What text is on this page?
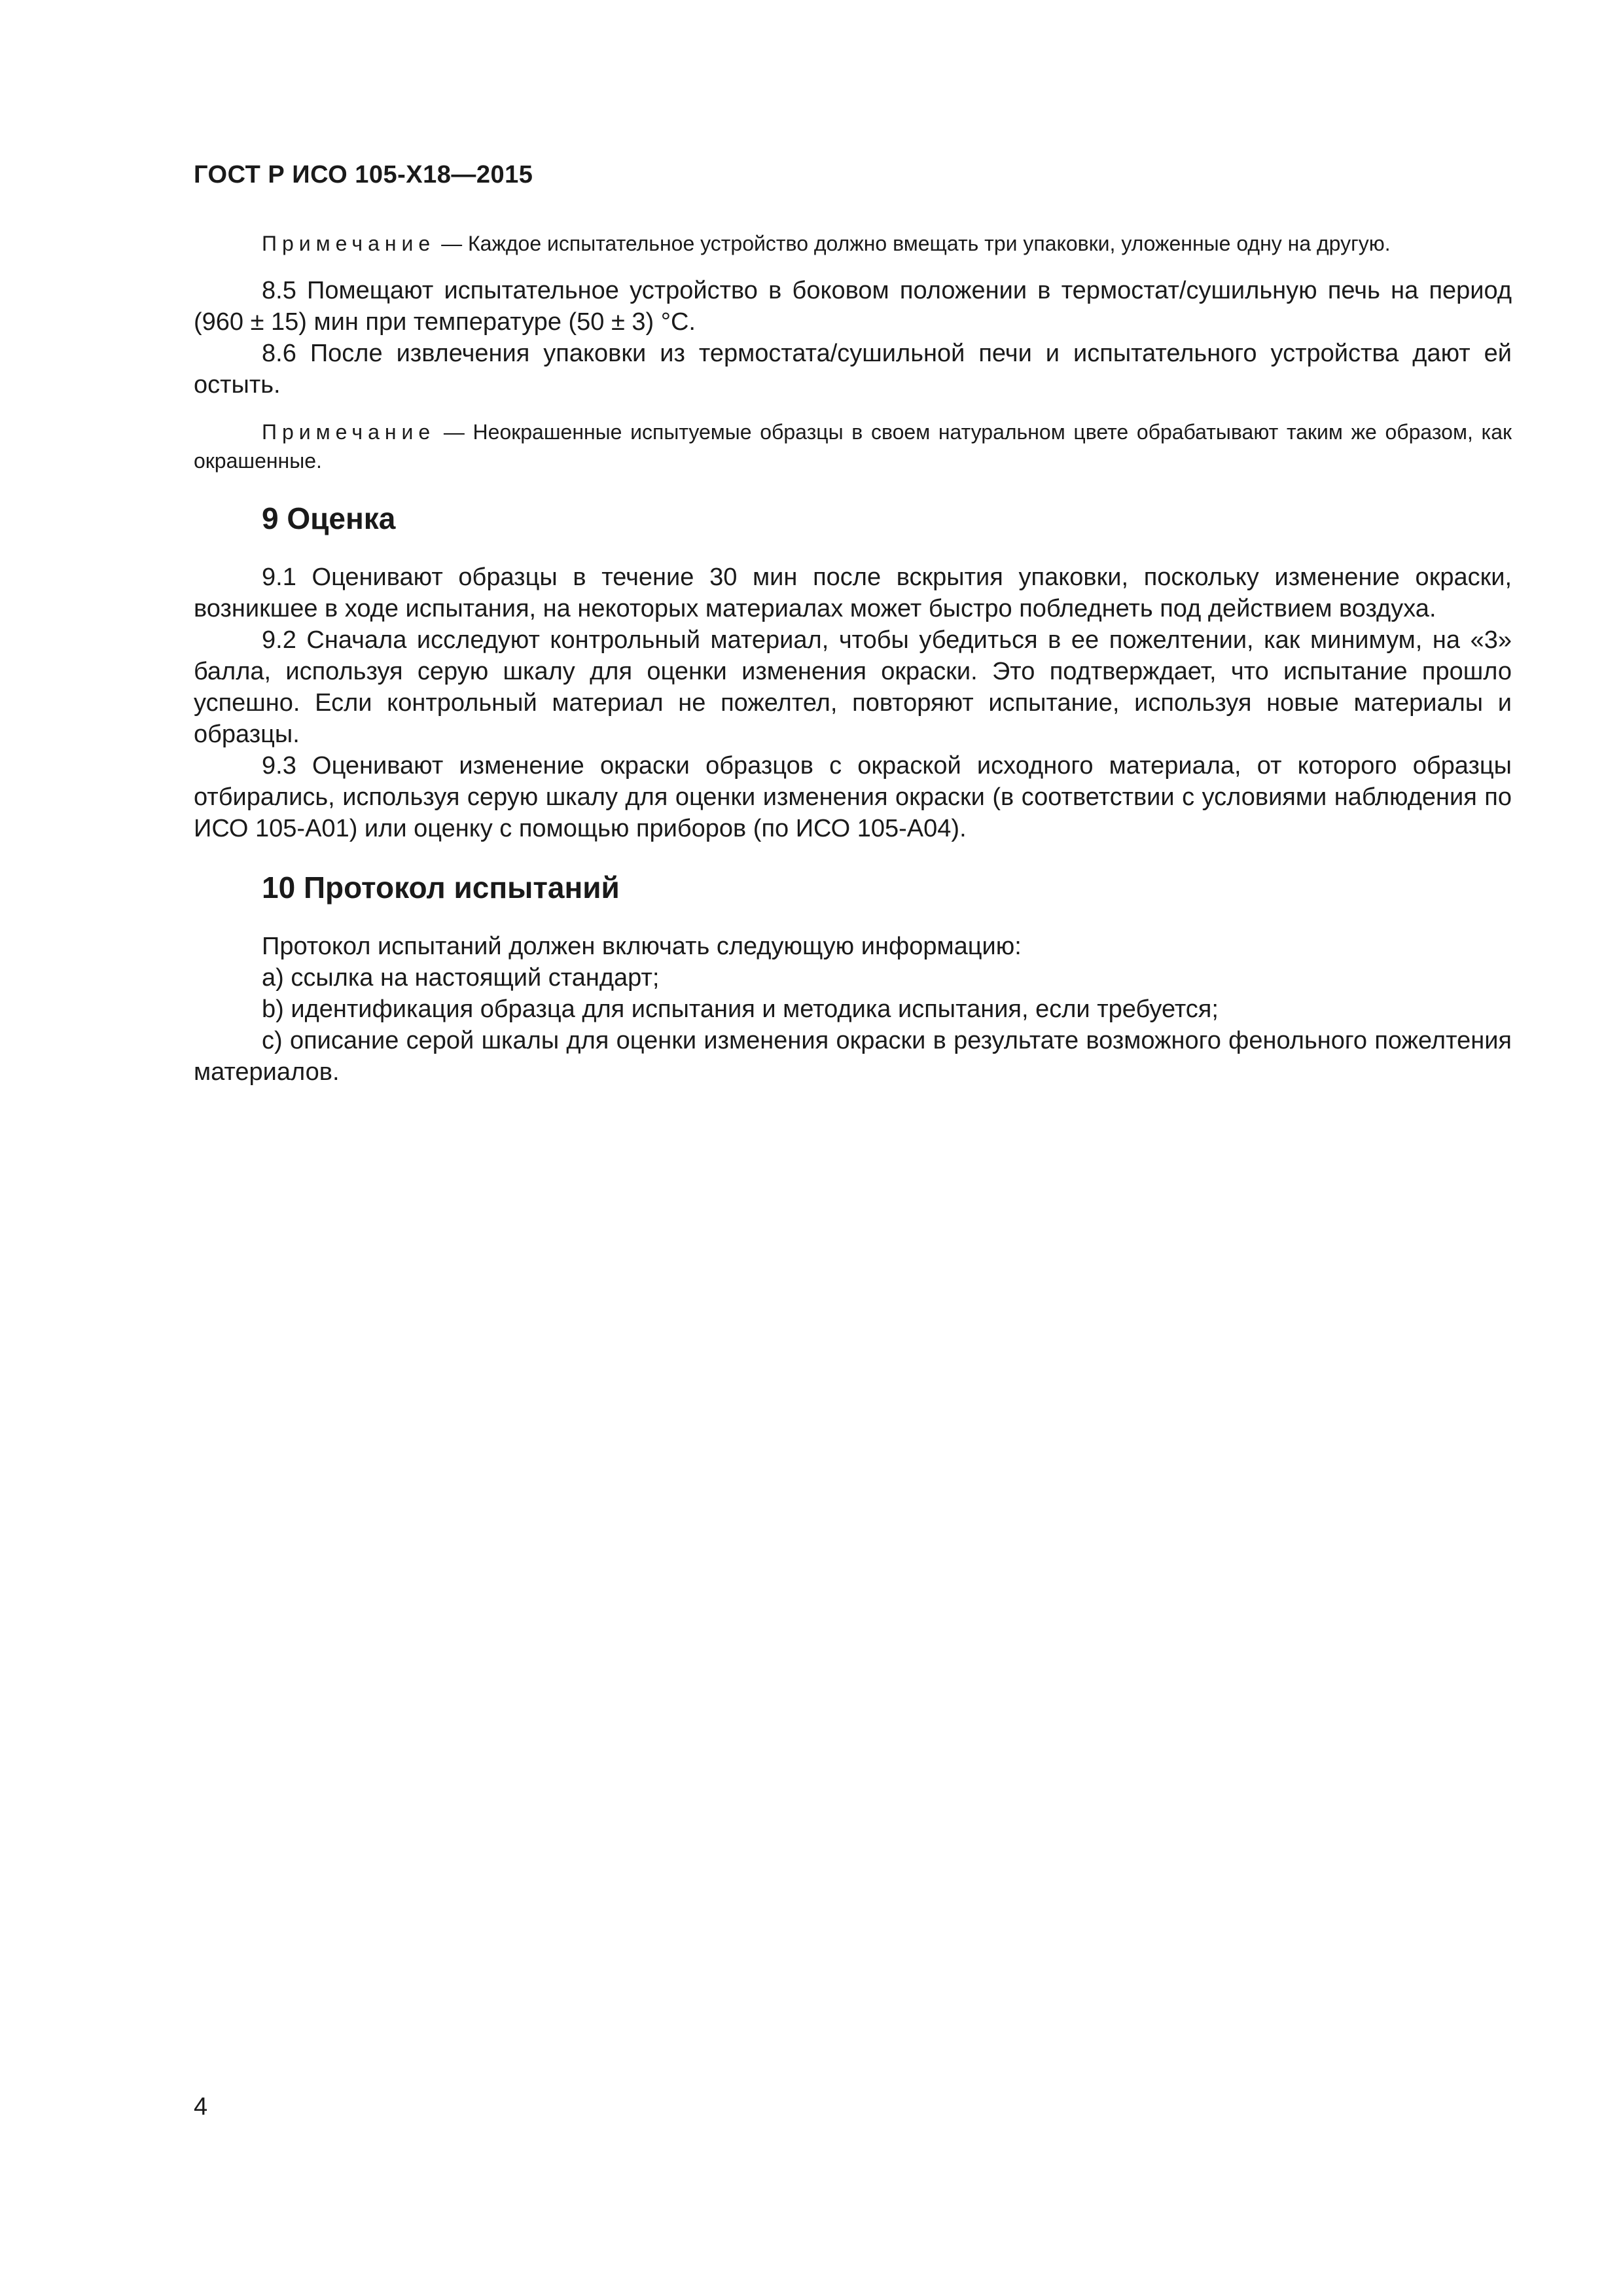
ГОСТ Р ИСО 105-Х18—2015

Примечание — Каждое испытательное устройство должно вмещать три упаковки, уложенные одну на другую.

8.5 Помещают испытательное устройство в боковом положении в термостат/сушильную печь на период (960 ± 15) мин при температуре (50 ± 3) °С.

8.6 После извлечения упаковки из термостата/сушильной печи и испытательного устройства дают ей остыть.

Примечание — Неокрашенные испытуемые образцы в своем натуральном цвете обрабатывают таким же образом, как окрашенные.

9 Оценка

9.1 Оценивают образцы в течение 30 мин после вскрытия упаковки, поскольку изменение окраски, возникшее в ходе испытания, на некоторых материалах может быстро побледнеть под действием воздуха.

9.2 Сначала исследуют контрольный материал, чтобы убедиться в ее пожелтении, как минимум, на «3» балла, используя серую шкалу для оценки изменения окраски. Это подтверждает, что испытание прошло успешно. Если контрольный материал не пожелтел, повторяют испытание, используя новые материалы и образцы.

9.3 Оценивают изменение окраски образцов с окраской исходного материала, от которого образцы отбирались, используя серую шкалу для оценки изменения окраски (в соответствии с условиями наблюдения по ИСО 105-А01) или оценку с помощью приборов (по ИСО 105-А04).

10 Протокол испытаний

Протокол испытаний должен включать следующую информацию:

а) ссылка на настоящий стандарт;

b) идентификация образца для испытания и методика испытания, если требуется;

с) описание серой шкалы для оценки изменения окраски в результате возможного фенольного пожелтения материалов.

4
